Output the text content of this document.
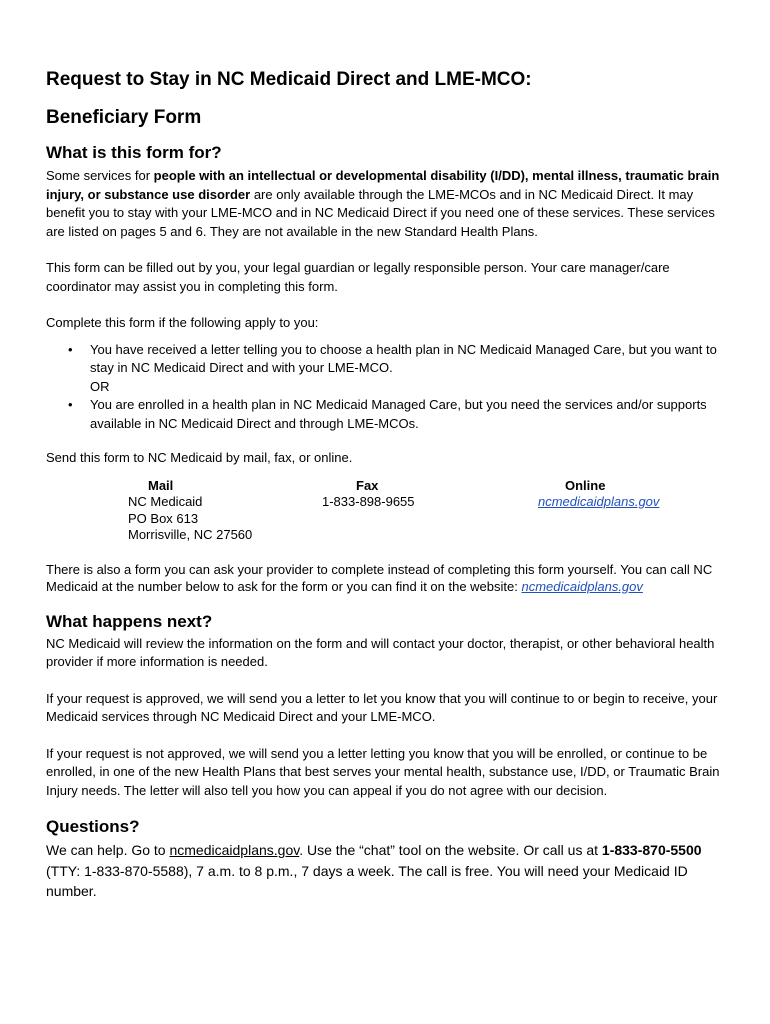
Request to Stay in NC Medicaid Direct and LME-MCO:
Beneficiary Form
What is this form for?

Some services for people with an intellectual or developmental disability (I/DD), mental illness, traumatic brain injury, or substance use disorder are only available through the LME-MCOs and in NC Medicaid Direct. It may benefit you to stay with your LME-MCO and in NC Medicaid Direct if you need one of these services. These services are listed on pages 5 and 6. They are not available in the new Standard Health Plans.

This form can be filled out by you, your legal guardian or legally responsible person. Your care manager/care coordinator may assist you in completing this form.

Complete this form if the following apply to you:

• You have received a letter telling you to choose a health plan in NC Medicaid Managed Care, but you want to stay in NC Medicaid Direct and with your LME-MCO.
OR
• You are enrolled in a health plan in NC Medicaid Managed Care, but you need the services and/or supports available in NC Medicaid Direct and through LME-MCOs.

Send this form to NC Medicaid by mail, fax, or online.

Mail
NC Medicaid
PO Box 613
Morrisville, NC 27560
Fax
1-833-898-9655
Online
ncmedicaidplans.gov

There is also a form you can ask your provider to complete instead of completing this form yourself. You can call NC Medicaid at the number below to ask for the form or you can find it on the website: ncmedicaidplans.gov

What happens next?

NC Medicaid will review the information on the form and will contact your doctor, therapist, or other behavioral health provider if more information is needed.

If your request is approved, we will send you a letter to let you know that you will continue to or begin to receive, your Medicaid services through NC Medicaid Direct and your LME-MCO.

If your request is not approved, we will send you a letter letting you know that you will be enrolled, or continue to be enrolled, in one of the new Health Plans that best serves your mental health, substance use, I/DD, or Traumatic Brain Injury needs. The letter will also tell you how you can appeal if you do not agree with our decision.

Questions?

We can help. Go to ncmedicaidplans.gov. Use the “chat” tool on the website. Or call us at 1-833-870-5500 (TTY: 1-833-870-5588), 7 a.m. to 8 p.m., 7 days a week. The call is free. You will need your Medicaid ID number.
